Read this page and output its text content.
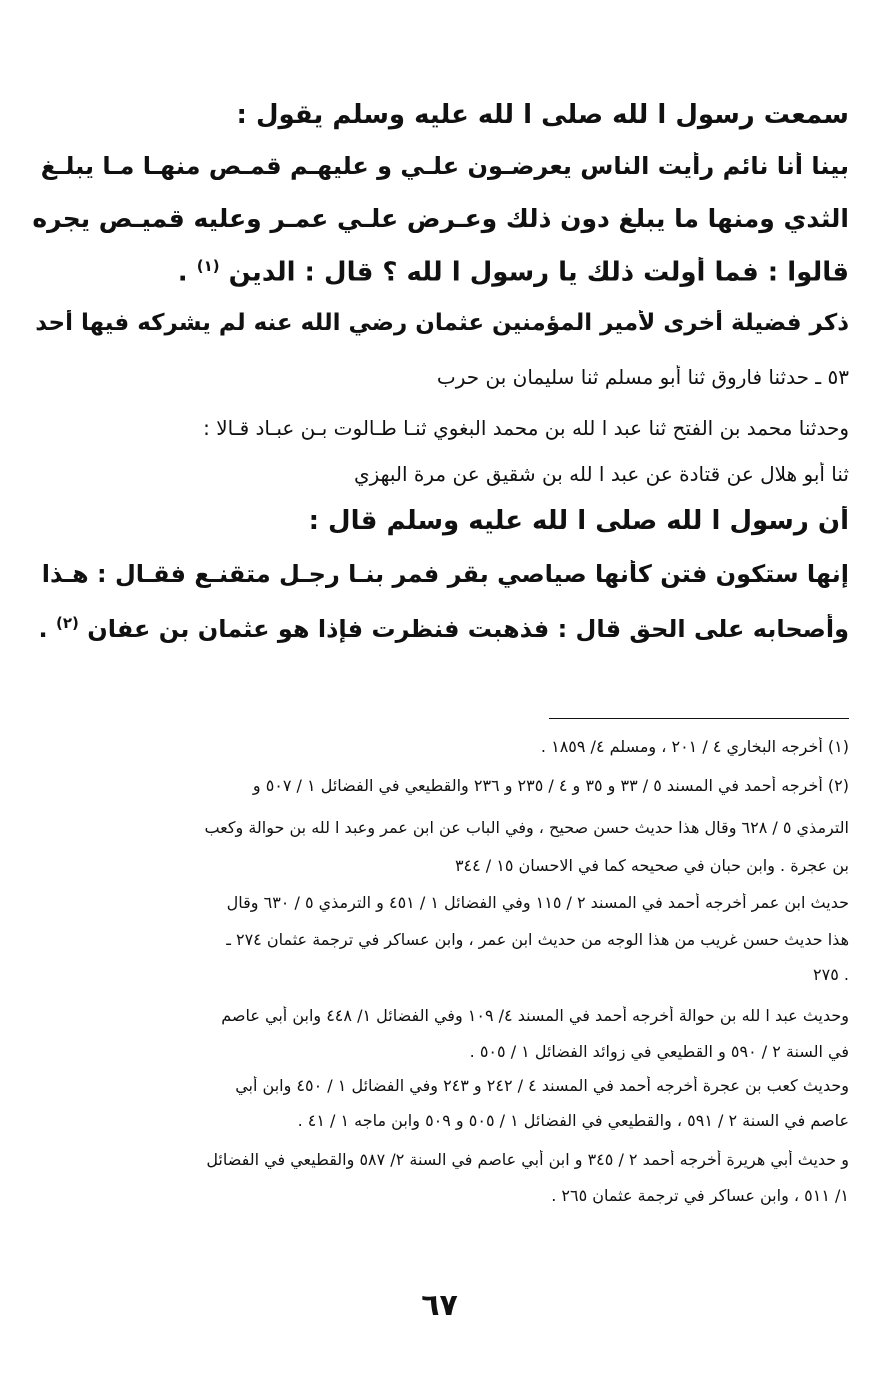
سمعت رسول ا لله صلى ا لله عليه وسلم يقول :
بينا أنا نائم رأيت الناس يعرضـون علـي و عليهـم قمـص منهـا مـا يبلـغ
الثدي ومنها ما يبلغ دون ذلك وعـرض علـي عمـر وعليه قميـص يجره
قالوا : فما أولت ذلك يا رسول ا لله ؟ قال : الدين $^{(١)}$ .
ذكر فضيلة أخرى لأمير المؤمنين عثمان رضي الله عنه لم يشركه فيها أحد
٥٣ ـ حدثنا فاروق ثنا أبو مسلم ثنا سليمان بن حرب
وحدثنا محمد بن الفتح ثنا عبد ا لله بن محمد البغوي ثنـا طـالوت بـن عبـاد قـالا :
ثنا أبو هلال عن قتادة عن عبد ا لله بن شقيق عن مرة البهزي
أن رسول ا لله صلى ا لله عليه وسلم قال :
إنها ستكون فتن كأنها صياصي بقر فمر بنـا رجـل متقنـع فقـال : هـذا
وأصحابه على الحق قال : فذهبت فنظرت فإذا هو عثمان بن عفان $^{(٢)}$ .
(١) أخرجه البخاري ٤ / ٢٠١ ، ومسلم ٤/ ١٨٥٩ .
(٢) أخرجه أحمد في المسند ٥ / ٣٣ و ٣٥ و ٤ / ٢٣٥ و ٢٣٦ والقطيعي في الفضائل ١ / ٥٠٧ و
الترمذي ٥ / ٦٢٨ وقال هذا حديث حسن صحيح ، وفي الباب عن ابن عمر وعبد ا لله بن حوالة وكعب
بن عجرة . وابن حبان في صحيحه كما في الاحسان ١٥ / ٣٤٤
حديث ابن عمر أخرجه أحمد في المسند ٢ / ١١٥ وفي الفضائل ١ / ٤٥١ و الترمذي ٥ / ٦٣٠ وقال
هذا حديث حسن غريب من هذا الوجه من حديث ابن عمر ، وابن عساكر في ترجمة عثمان ٢٧٤ ـ
. ٢٧٥
وحديث عبد ا لله بن حوالة أخرجه أحمد في المسند ٤/ ١٠٩ وفي الفضائل ١/ ٤٤٨ وابن أبي عاصم
في السنة ٢ / ٥٩٠ و القطيعي في زوائد الفضائل ١ / ٥٠٥ .
وحديث كعب بن عجرة أخرجه أحمد في المسند ٤ / ٢٤٢ و ٢٤٣ وفي الفضائل ١ / ٤٥٠ وابن أبي
عاصم في السنة ٢ / ٥٩١ ، والقطيعي في الفضائل ١ / ٥٠٥ و ٥٠٩ وابن ماجه ١ / ٤١ .
و حديث أبي هريرة أخرجه أحمد ٢ / ٣٤٥ و ابن أبي عاصم في السنة ٢/ ٥٨٧ والقطيعي في الفضائل
١/ ٥١١ ، وابن عساكر في ترجمة عثمان ٢٦٥ .
٦٧
